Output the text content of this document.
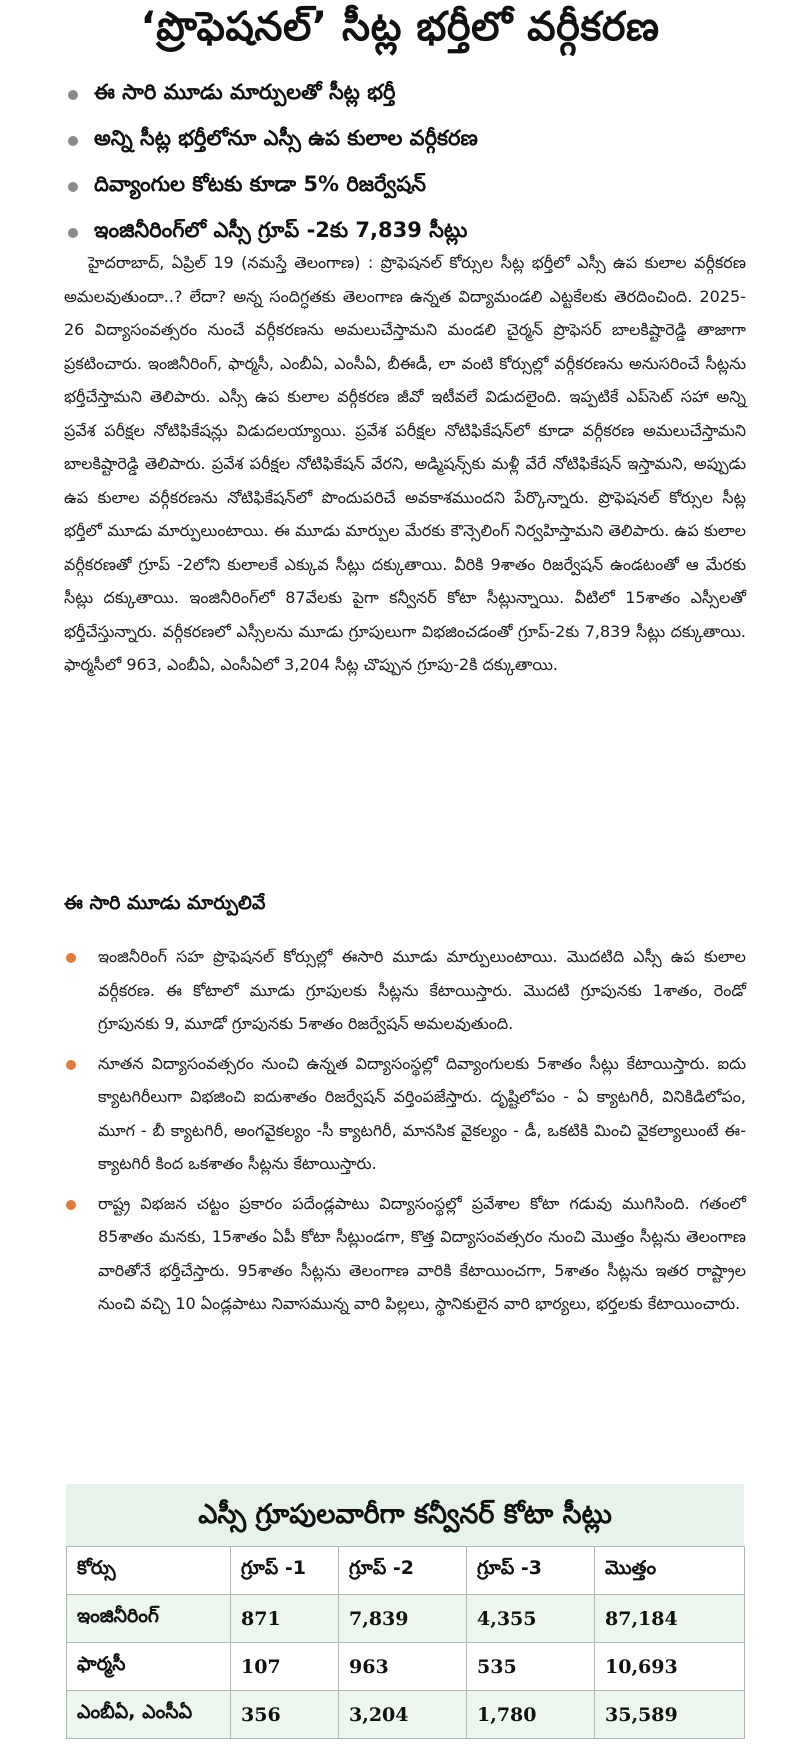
‘ప్రొఫెషనల్’ సీట్ల భర్తీలో వర్గీకరణ
ఈ సారి మూడు మార్పులతో సీట్ల భర్తీ
అన్ని సీట్ల భర్తీలోనూ ఎస్సీ ఉప కులాల వర్గీకరణ
దివ్యాంగుల కోటకు కూడా 5% రిజర్వేషన్
ఇంజినీరింగ్‌లో ఎస్సీ గ్రూప్ -2కు 7,839 సీట్లు

హైదరాబాద్, ఏప్రిల్ 19 (నమస్తే తెలంగాణ) : ప్రొఫెషనల్ కోర్సుల సీట్ల భర్తీలో ఎస్సీ ఉప కులాల వర్గీకరణ అమలవుతుందా..? లేదా? అన్న సందిగ్ధతకు తెలంగాణ ఉన్నత విద్యామండలి ఎట్టకేలకు తెరదించింది. 2025-26 విద్యాసంవత్సరం నుంచే వర్గీకరణను అమలుచేస్తామని మండలి చైర్మన్ ప్రొఫెసర్ బాలకిష్టారెడ్డి తాజాగా ప్రకటించారు. ఇంజినీరింగ్, ఫార్మసీ, ఎంబీఏ, ఎంసీఏ, బీఈడీ, లా వంటి కోర్సుల్లో వర్గీకరణను అనుసరించే సీట్లను భర్తీచేస్తామని తెలిపారు. ఎస్సీ ఉప కులాల వర్గీకరణ జీవో ఇటీవలే విడుదలైంది. ఇప్పటికే ఎప్‌సెట్ సహా అన్ని ప్రవేశ పరీక్షల నోటిఫికేషన్లు విడుదలయ్యాయి. ప్రవేశ పరీక్షల నోటిఫికేషన్‌లో కూడా వర్గీకరణ అమలుచేస్తామని బాలకిష్టారెడ్డి తెలిపారు. ప్రవేశ పరీక్షల నోటిఫికేషన్ వేరని, అడ్మిషన్స్‌కు మళ్లీ వేరే నోటిఫికేషన్ ఇస్తామని, అప్పుడు ఉప కులాల వర్గీకరణను నోటిఫికేషన్‌లో పొందుపరిచే అవకాశముందని పేర్కొన్నారు. ప్రొఫెషనల్ కోర్సుల సీట్ల భర్తీలో మూడు మార్పులుంటాయి. ఈ మూడు మార్పుల మేరకు కౌన్సెలింగ్ నిర్వహిస్తామని తెలిపారు. ఉప కులాల వర్గీకరణతో గ్రూప్ -2లోని కులాలకే ఎక్కువ సీట్లు దక్కుతాయి. వీరికి 9శాతం రిజర్వేషన్ ఉండటంతో ఆ మేరకు సీట్లు దక్కుతాయి. ఇంజినీరింగ్‌లో 87వేలకు పైగా కన్వీనర్ కోటా సీట్లున్నాయి. వీటిలో 15శాతం ఎస్సీలతో భర్తీచేస్తున్నారు. వర్గీకరణలో ఎస్సీలను మూడు గ్రూపులుగా విభజించడంతో గ్రూప్-2కు 7,839 సీట్లు దక్కుతాయి. ఫార్మసీలో 963, ఎంబీఏ, ఎంసీఏలో 3,204 సీట్ల చొప్పున గ్రూపు-2కి దక్కుతాయి.

ఈ సారి మూడు మార్పులివే
ఇంజినీరింగ్ సహ ప్రొఫెషనల్ కోర్సుల్లో ఈసారి మూడు మార్పులుంటాయి. మొదటిది ఎస్సీ ఉప కులాల వర్గీకరణ. ఈ కోటాలో మూడు గ్రూపులకు సీట్లను కేటాయిస్తారు. మొదటి గ్రూపునకు 1శాతం, రెండో గ్రూపునకు 9, మూడో గ్రూపునకు 5శాతం రిజర్వేషన్ అమలవుతుంది.
నూతన విద్యాసంవత్సరం నుంచి ఉన్నత విద్యాసంస్థల్లో దివ్యాంగులకు 5శాతం సీట్లు కేటాయిస్తారు. ఐదు క్యాటగిరీలుగా విభజించి ఐదుశాతం రిజర్వేషన్ వర్తింపజేస్తారు. దృష్టిలోపం - ఏ క్యాటగిరీ, వినికిడిలోపం, మూగ - బీ క్యాటగిరీ, అంగవైకల్యం -సీ క్యాటగిరీ, మానసిక వైకల్యం - డీ, ఒకటికి మించి వైకల్యాలుంటే ఈ-క్యాటగిరీ కింద ఒకశాతం సీట్లను కేటాయిస్తారు.
రాష్ట్ర విభజన చట్టం ప్రకారం పదేండ్లపాటు విద్యాసంస్థల్లో ప్రవేశాల కోటా గడువు ముగిసింది. గతంలో 85శాతం మనకు, 15శాతం ఏపీ కోటా సీట్లుండగా, కొత్త విద్యాసంవత్సరం నుంచి మొత్తం సీట్లను తెలంగాణ వారితోనే భర్తీచేస్తారు. 95శాతం సీట్లను తెలంగాణ వారికి కేటాయించగా, 5శాతం సీట్లను ఇతర రాష్ట్రాల నుంచి వచ్చి 10 ఏండ్లపాటు నివాసమున్న వారి పిల్లలు, స్థానికులైన వారి భార్యలు, భర్తలకు కేటాయించారు.
ఎస్సీ గ్రూపులవారీగా కన్వీనర్ కోటా సీట్లు
కోర్సు	గ్రూప్ -1	గ్రూప్ -2	గ్రూప్ -3	మొత్తం
ఇంజినీరింగ్	871	7,839	4,355	87,184
ఫార్మసీ	107	963	535	10,693
ఎంబీఏ, ఎంసీఏ	356	3,204	1,780	35,589
